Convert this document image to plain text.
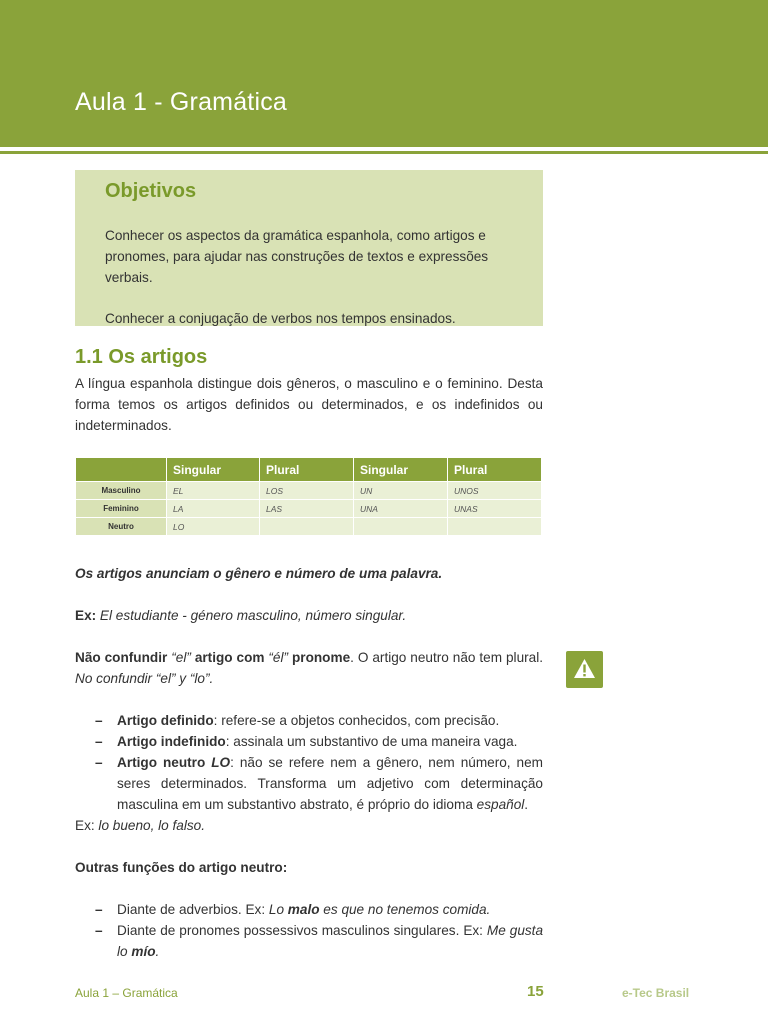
Aula 1 - Gramática
Objetivos

Conhecer os aspectos da gramática espanhola, como artigos e pronomes, para ajudar nas construções de textos e expressões verbais.

Conhecer a conjugação de verbos nos tempos ensinados.

1.1 Os artigos

A língua espanhola distingue dois gêneros, o masculino e o feminino. Desta forma temos os artigos definidos ou determinados, e os indefinidos ou indeterminados.

	Singular	Plural	Singular	Plural
Masculino	EL	LOS	UN	UNOS
Feminino	LA	LAS	UNA	UNAS
Neutro	LO			

Os artigos anunciam o gênero e número de uma palavra.

Ex: El estudiante - género masculino, número singular.

Não confundir “el” artigo com “él” pronome. O artigo neutro não tem plural. No confundir “el” y “lo”.

– Artigo definido: refere-se a objetos conhecidos, com precisão.
– Artigo indefinido: assinala um substantivo de uma maneira vaga.
– Artigo neutro LO: não se refere nem a gênero, nem número, nem seres determinados. Transforma um adjetivo com determinação masculina em um substantivo abstrato, é próprio do idioma español.

Ex: lo bueno, lo falso.

Outras funções do artigo neutro:

– Diante de adverbios. Ex: Lo malo es que no tenemos comida.
– Diante de pronomes possessivos masculinos singulares. Ex: Me gusta lo mío.
Aula 1 – Gramática	15	e-Tec Brasil
